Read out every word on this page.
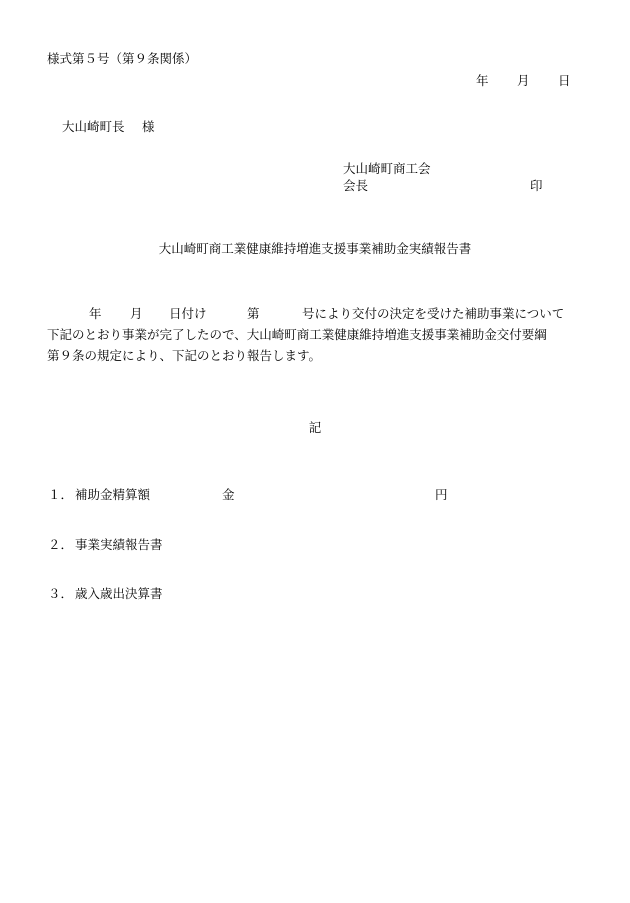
様式第５号（第９条関係）
年 月 日
大山崎町長 様
大山崎町商工会
会長	印
大山崎町商工業健康維持増進支援事業補助金実績報告書
年 月 日付け	第	号により交付の決定を受けた補助事業について
下記のとおり事業が完了したので、大山崎町商工業健康維持増進支援事業補助金交付要綱
第９条の規定により、下記のとおり報告します。
記
１． 補助金精算額	金	円
２． 事業実績報告書
３． 歳入歳出決算書
